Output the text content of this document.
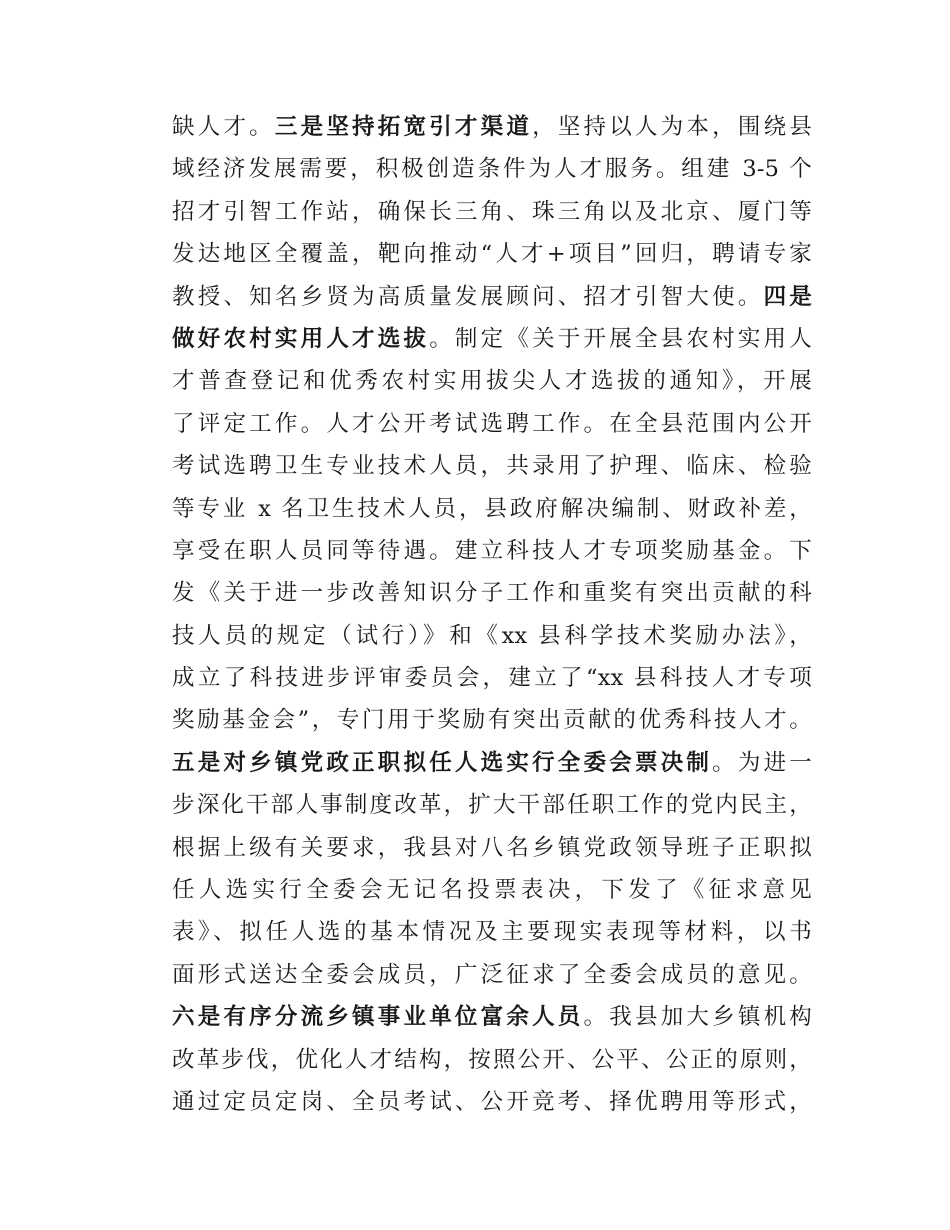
缺人才。三是坚持拓宽引才渠道，坚持以人为本，围绕县
域经济发展需要，积极创造条件为人才服务。组建 3-5 个
招才引智工作站，确保长三角、珠三角以及北京、厦门等
发达地区全覆盖，靶向推动“人才+项目”回归，聘请专家
教授、知名乡贤为高质量发展顾问、招才引智大使。四是
做好农村实用人才选拔。制定《关于开展全县农村实用人
才普查登记和优秀农村实用拔尖人才选拔的通知》，开展
了评定工作。人才公开考试选聘工作。在全县范围内公开
考试选聘卫生专业技术人员，共录用了护理、临床、检验
等专业 x 名卫生技术人员，县政府解决编制、财政补差，
享受在职人员同等待遇。建立科技人才专项奖励基金。下
发《关于进一步改善知识分子工作和重奖有突出贡献的科
技人员的规定（试行）》和《xx 县科学技术奖励办法》，
成立了科技进步评审委员会，建立了“xx 县科技人才专项
奖励基金会”，专门用于奖励有突出贡献的优秀科技人才。
五是对乡镇党政正职拟任人选实行全委会票决制。为进一
步深化干部人事制度改革，扩大干部任职工作的党内民主，
根据上级有关要求，我县对八名乡镇党政领导班子正职拟
任人选实行全委会无记名投票表决，下发了《征求意见
表》、拟任人选的基本情况及主要现实表现等材料，以书
面形式送达全委会成员，广泛征求了全委会成员的意见。
六是有序分流乡镇事业单位富余人员。我县加大乡镇机构
改革步伐，优化人才结构，按照公开、公平、公正的原则，
通过定员定岗、全员考试、公开竞考、择优聘用等形式，
